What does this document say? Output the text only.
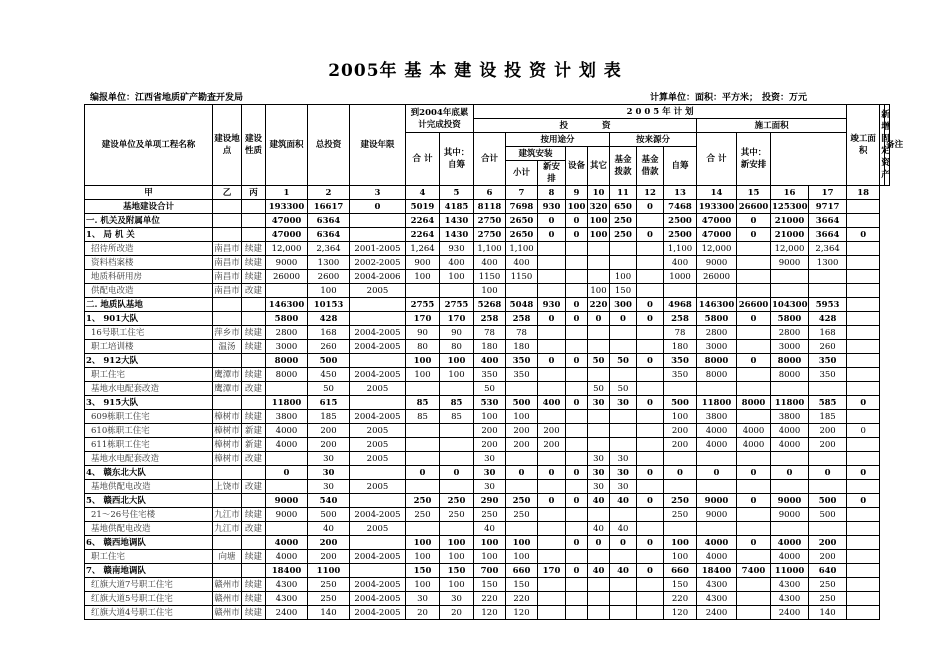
2005年 基 本 建 设 投 资 计 划 表
编报单位：江西省地质矿产勘查开发局	计算单位：面积：平方米； 投资：万元
建设单位及单项工程名称	建设地点	建设性质	建筑面积	总投资	建设年限	到2004年底累计完成投资		2 0 0 5 年 计 划												竣工面积	新增固定资产	备注
								投　　　　资								施工面积						
						合 计	其中：自筹	合计	按用途分				按来源分			合 计	其中：新安排					
									建筑安装		设备	其它	基金拨款	基金借款	自筹							
									小计	新安排												
甲	乙	丙	1	2	3	4	5	6	7	8	9	10	11	12	13	14	15	16	17	18		
基地建设合计			193300	16617	0	5019	4185	8118	7698	930	100	320	650	0	7468	193300	26600	125300	9717			
一. 机关及附属单位			47000	6364		2264	1430	2750	2650	0	0	100	250		2500	47000	0	21000	3664			
1、 局 机 关			47000	6364		2264	1430	2750	2650	0	0	100	250	0	2500	47000	0	21000	3664	0		
招待所改造	南昌市	续建	12,000	2,364	2001-2005	1,264	930	1,100	1,100						1,100	12,000		12,000	2,364			
资料档案楼	南昌市	续建	9000	1300	2002-2005	900	400	400	400						400	9000		9000	1300			
地质科研用房	南昌市	续建	26000	2600	2004-2006	100	100	1150	1150				100		1000	26000						
供配电改造	南昌市	改建		100	2005			100				100	150									
二. 地质队基地			146300	10153		2755	2755	5268	5048	930	0	220	300	0	4968	146300	26600	104300	5953			
1、 901大队			5800	428		170	170	258	258	0	0	0	0	0	258	5800	0	5800	428			
16号职工住宅	萍乡市	续建	2800	168	2004-2005	90	90	78	78						78	2800		2800	168			
职工培训楼	温汤	续建	3000	260	2004-2005	80	80	180	180						180	3000		3000	260			
2、 912大队			8000	500		100	100	400	350	0	0	50	50	0	350	8000	0	8000	350			
职工住宅	鹰潭市	续建	8000	450	2004-2005	100	100	350	350						350	8000		8000	350			
基地水电配套改造	鹰潭市	改建		50	2005			50				50	50									
3、 915大队			11800	615		85	85	530	500	400	0	30	30	0	500	11800	8000	11800	585	0		
609栋职工住宅	樟树市	续建	3800	185	2004-2005	85	85	100	100						100	3800		3800	185			
610栋职工住宅	樟树市	新建	4000	200	2005			200	200	200					200	4000	4000	4000	200	0		
611栋职工住宅	樟树市	新建	4000	200	2005			200	200	200					200	4000	4000	4000	200			
基地水电配套改造	樟树市	改建		30	2005			30				30	30									
4、 赣东北大队			0	30		0	0	30	0	0	0	30	30	0	0	0	0	0	0	0		
基地供配电改造	上饶市	改建		30	2005			30				30	30									
5、 赣西北大队			9000	540		250	250	290	250	0	0	40	40	0	250	9000	0	9000	500	0		
21～26号住宅楼	九江市	续建	9000	500	2004-2005	250	250	250	250						250	9000		9000	500			
基地供配电改造	九江市	改建		40	2005			40				40	40									
6、 赣西地调队			4000	200		100	100	100	100		0	0	0	0	100	4000	0	4000	200			
职工住宅	向塘	续建	4000	200	2004-2005	100	100	100	100						100	4000		4000	200			
7、 赣南地调队			18400	1100		150	150	700	660	170	0	40	40	0	660	18400	7400	11000	640			
红旗大道7号职工住宅	赣州市	续建	4300	250	2004-2005	100	100	150	150						150	4300		4300	250			
红旗大道5号职工住宅	赣州市	续建	4300	250	2004-2005	30	30	220	220						220	4300		4300	250			
红旗大道4号职工住宅	赣州市	续建	2400	140	2004-2005	20	20	120	120						120	2400		2400	140			
